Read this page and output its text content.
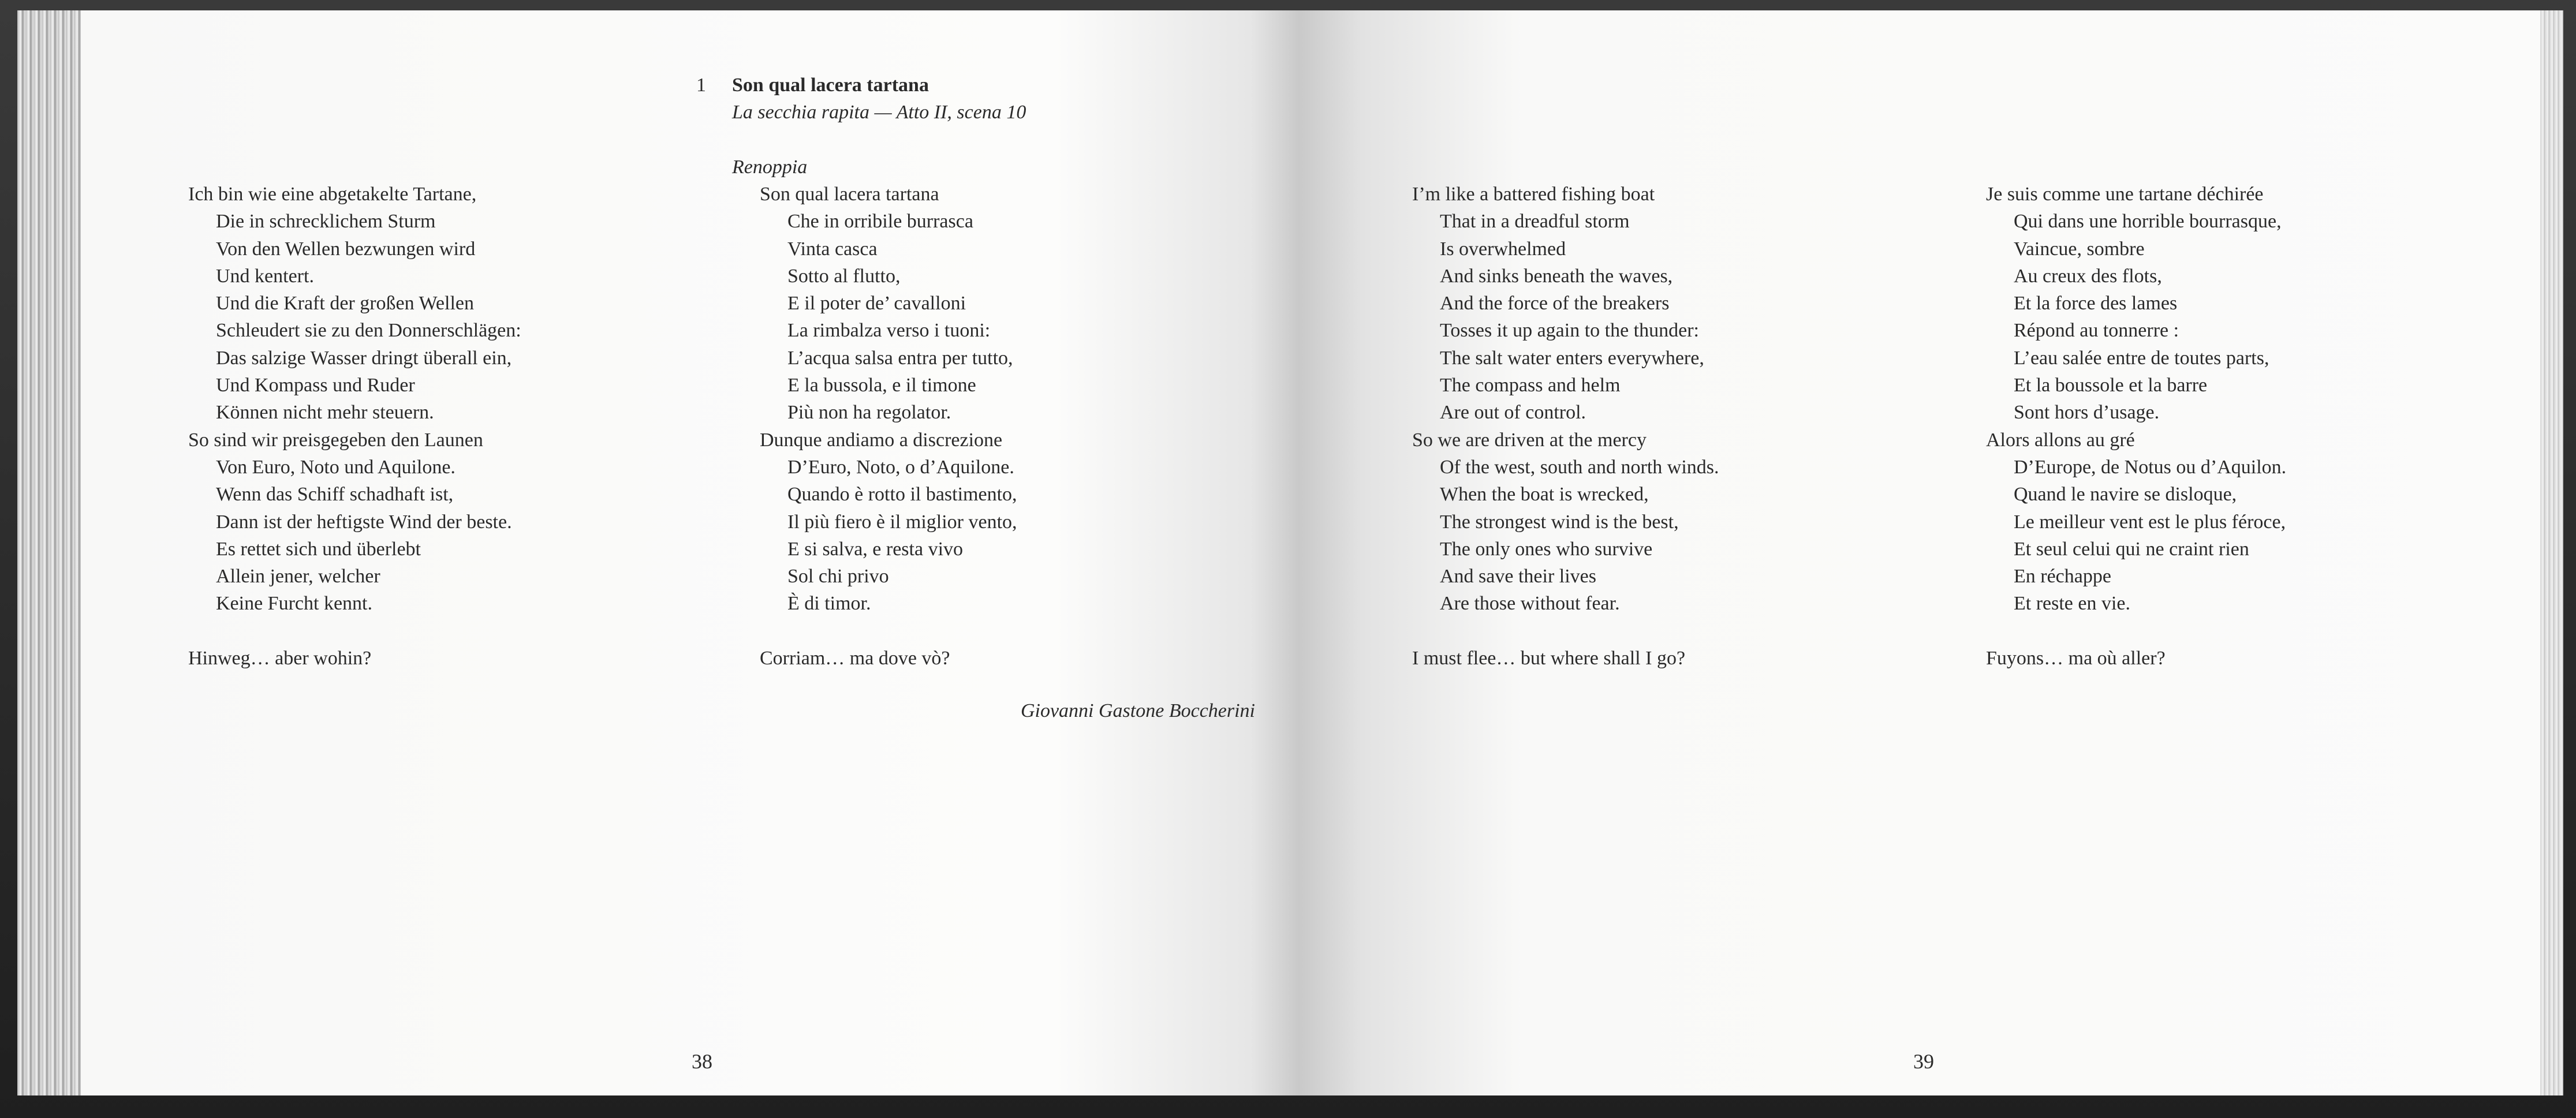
1 Son qual lacera tartana
La secchia rapita — Atto II, scena 10
Renoppia
Ich bin wie eine abgetakelte Tartane,
Die in schrecklichem Sturm
Von den Wellen bezwungen wird
Und kentert.
Und die Kraft der großen Wellen
Schleudert sie zu den Donnerschlägen:
Das salzige Wasser dringt überall ein,
Und Kompass und Ruder
Können nicht mehr steuern.
So sind wir preisgegeben den Launen
Von Euro, Noto und Aquilone.
Wenn das Schiff schadhaft ist,
Dann ist der heftigste Wind der beste.
Es rettet sich und überlebt
Allein jener, welcher
Keine Furcht kennt.
Hinweg… aber wohin?
Son qual lacera tartana
Che in orribile burrasca
Vinta casca
Sotto al flutto,
E il poter de’ cavalloni
La rimbalza verso i tuoni:
L’acqua salsa entra per tutto,
E la bussola, e il timone
Più non ha regolator.
Dunque andiamo a discrezione
D’Euro, Noto, o d’Aquilone.
Quando è rotto il bastimento,
Il più fiero è il miglior vento,
E si salva, e resta vivo
Sol chi privo
È di timor.
Corriam… ma dove vò?
Giovanni Gastone Boccherini
38
I’m like a battered fishing boat
That in a dreadful storm
Is overwhelmed
And sinks beneath the waves,
And the force of the breakers
Tosses it up again to the thunder:
The salt water enters everywhere,
The compass and helm
Are out of control.
So we are driven at the mercy
Of the west, south and north winds.
When the boat is wrecked,
The strongest wind is the best,
The only ones who survive
And save their lives
Are those without fear.
I must flee… but where shall I go?
Je suis comme une tartane déchirée
Qui dans une horrible bourrasque,
Vaincue, sombre
Au creux des flots,
Et la force des lames
Répond au tonnerre :
L’eau salée entre de toutes parts,
Et la boussole et la barre
Sont hors d’usage.
Alors allons au gré
D’Europe, de Notus ou d’Aquilon.
Quand le navire se disloque,
Le meilleur vent est le plus féroce,
Et seul celui qui ne craint rien
En réchappe
Et reste en vie.
Fuyons… ma où aller?
39
